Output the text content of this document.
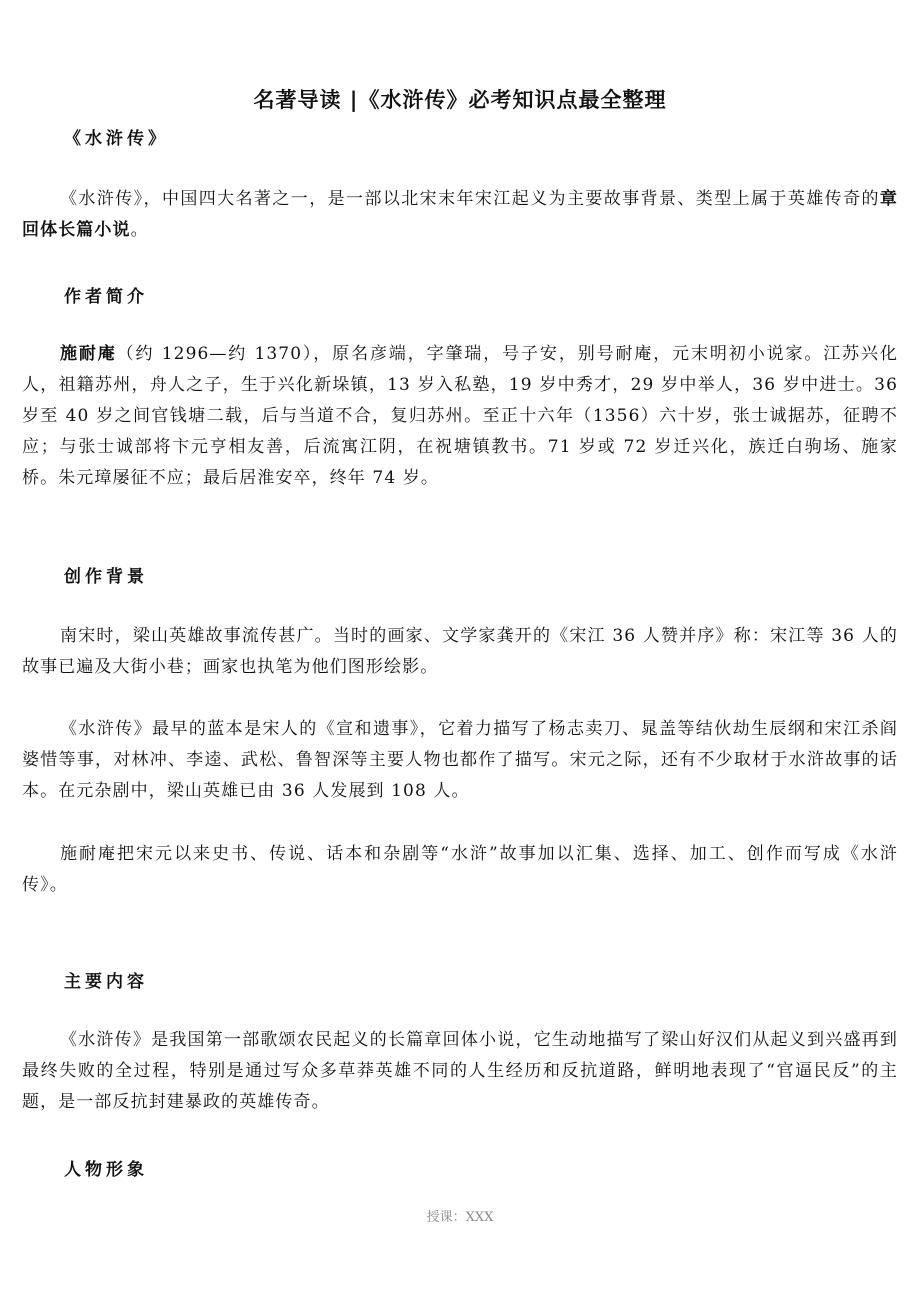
名著导读 |《水浒传》必考知识点最全整理
《水浒传》

《水浒传》，中国四大名著之一，是一部以北宋末年宋江起义为主要故事背景、类型上属于英雄传奇的章回体长篇小说。

作者简介

施耐庵（约 1296—约 1370），原名彦端，字肇瑞，号子安，别号耐庵，元末明初小说家。江苏兴化人，祖籍苏州，舟人之子，生于兴化新垛镇，13 岁入私塾，19 岁中秀才，29 岁中举人，36 岁中进士。36 岁至 40 岁之间官钱塘二载，后与当道不合，复归苏州。至正十六年（1356）六十岁，张士诚据苏，征聘不应；与张士诚部将卞元亨相友善，后流寓江阴，在祝塘镇教书。71 岁或 72 岁迁兴化，族迁白驹场、施家桥。朱元璋屡征不应；最后居淮安卒，终年 74 岁。

创作背景

南宋时，梁山英雄故事流传甚广。当时的画家、文学家龚开的《宋江 36 人赞并序》称：宋江等 36 人的故事已遍及大街小巷；画家也执笔为他们图形绘影。

《水浒传》最早的蓝本是宋人的《宣和遗事》，它着力描写了杨志卖刀、晁盖等结伙劫生辰纲和宋江杀阎婆惜等事，对林冲、李逵、武松、鲁智深等主要人物也都作了描写。宋元之际，还有不少取材于水浒故事的话本。在元杂剧中，梁山英雄已由 36 人发展到 108 人。

施耐庵把宋元以来史书、传说、话本和杂剧等“水浒”故事加以汇集、选择、加工、创作而写成《水浒传》。

主要内容

《水浒传》是我国第一部歌颂农民起义的长篇章回体小说，它生动地描写了梁山好汉们从起义到兴盛再到最终失败的全过程，特别是通过写众多草莽英雄不同的人生经历和反抗道路，鲜明地表现了“官逼民反”的主题，是一部反抗封建暴政的英雄传奇。

人物形象
授课：XXX
